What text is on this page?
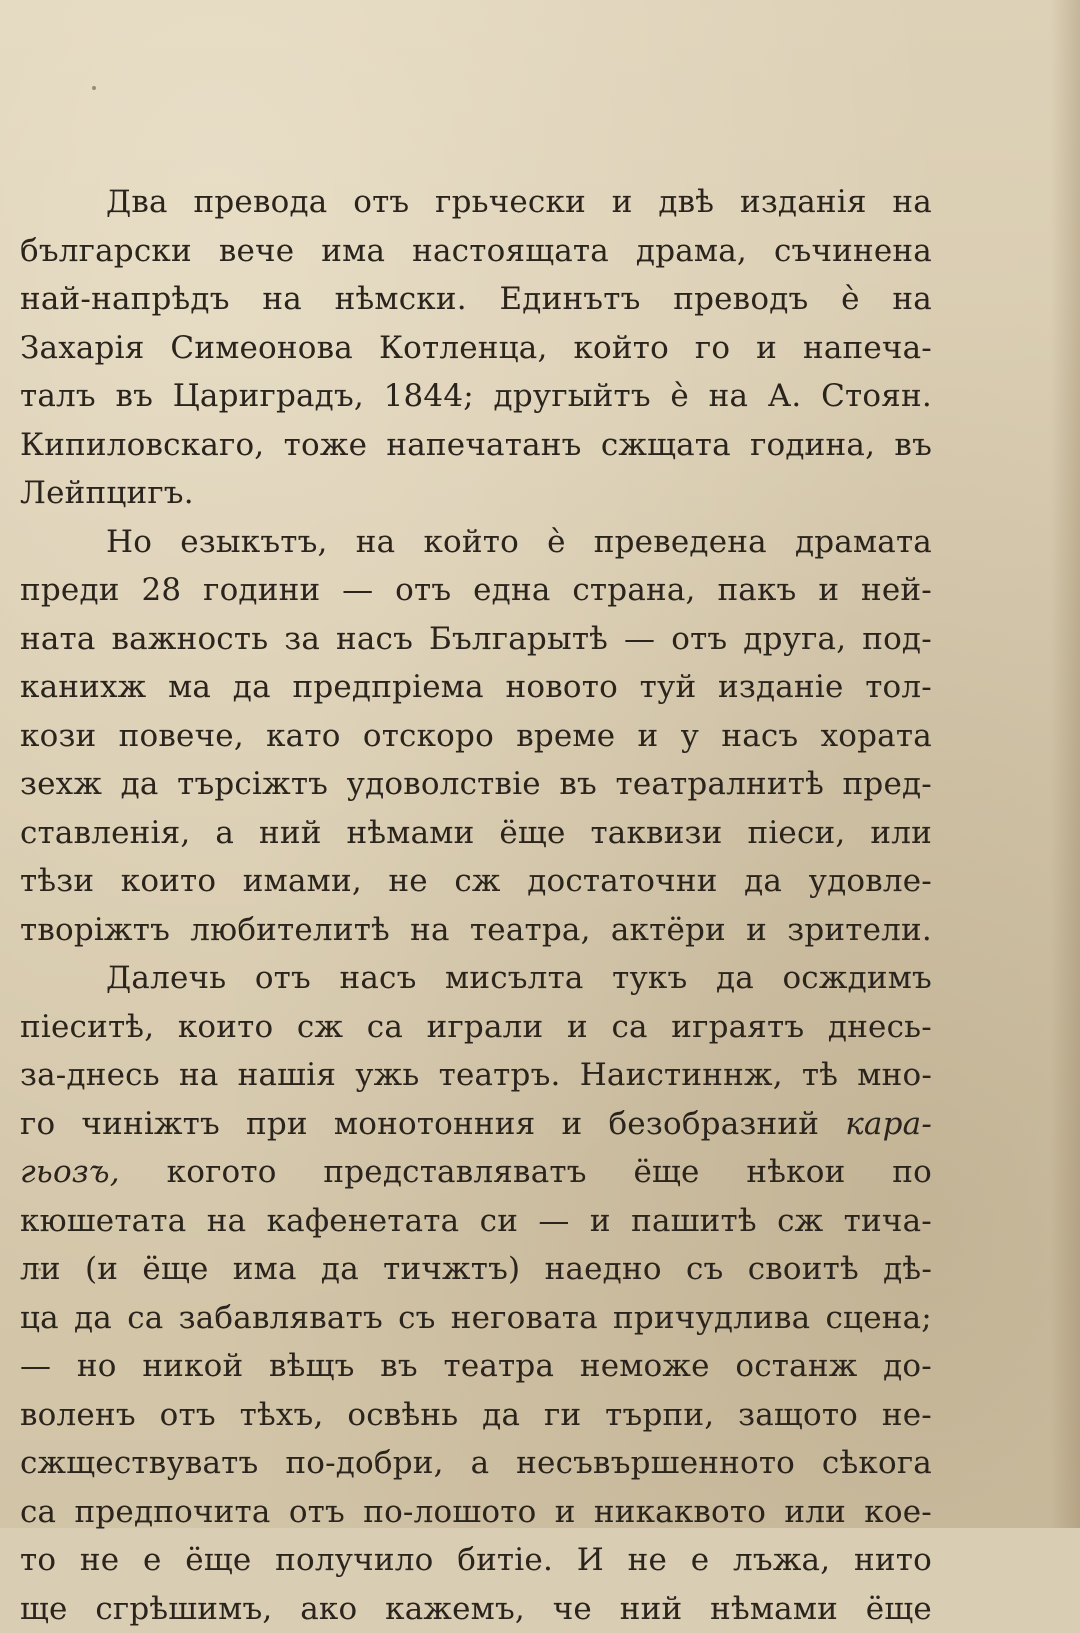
Два превода отъ грьчески и двѣ изданія на
български вече има настоящата драма, съчинена
най-напрѣдъ на нѣмски. Единътъ преводъ ѐ на
Захарія Симеонова Котленца, който го и напеча-
талъ въ Цариградъ, 1844; другыйтъ ѐ на А. Стоян.
Кипиловскаго, тоже напечатанъ сжщата година, въ
Лейпцигъ.
Но езыкътъ, на който ѐ преведена драмата
преди 28 години — отъ една страна, пакъ и ней-
ната важность за насъ Българытѣ — отъ друга, под-
канихж ма да предпріема новото туй изданіе тол-
кози повече, като отскоро време и у насъ хората
зехж да търсіжтъ удоволствіе въ театралнитѣ пред-
ставленія, а ний нѣмами ёще таквизи піеси, или
тѣзи които имами, не сж достаточни да удовле-
творіжтъ любителитѣ на театра, актёри и зрители.
Далечь отъ насъ мисълта тукъ да осждимъ
піеситѣ, които сж са играли и са играятъ днесь-
за-днесь на нашія ужь театръ. Наистиннж, тѣ мно-
го чиніжтъ при монотонния и безобразний кара-
гьозъ, когото представляватъ ёще нѣкои по
кюшетата на кафенетата си — и пашитѣ сж тича-
ли (и ёще има да тичжтъ) наедно съ своитѣ дѣ-
ца да са забавляватъ съ неговата причудлива сцена;
— но никой вѣщъ въ театра неможе останж до-
воленъ отъ тѣхъ, освѣнь да ги търпи, защото не-
сжществуватъ по-добри, а несъвършенното сѣкога
са предпочита отъ по-лошото и никаквото или кое-
то не е ёще получило битіе. И не е лъжа, нито
ще сгрѣшимъ, ако кажемъ, че ний нѣмами ёще
